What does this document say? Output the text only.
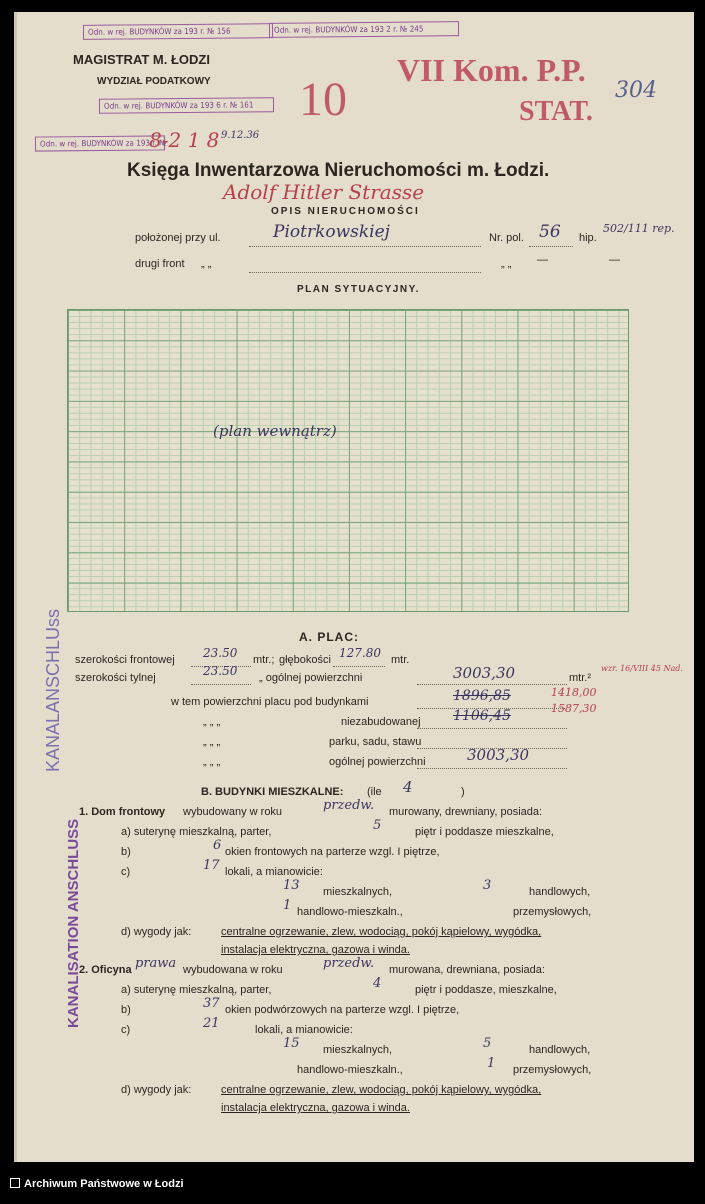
Odn. w rej. BUDYNKÓW za 193 r. № 156	Odn. w rej. BUDYNKÓW za 193 2 r. № 245
MAGISTRAT M. ŁODZI
WYDZIAŁ PODATKOWY
Odn. w rej. BUDYNKÓW za 193 6 r. № 161 10
VII Kom. P.P.
STAT.
304
Odn. w rej. BUDYNKÓW za 193 r. №
8-2 1 8 9.12.36
Księga Inwentarzowa Nieruchomości m. Łodzi.
Adolf Hitler Strasse
OPIS NIERUCHOMOŚCI
położonej przy ul.	Piotrkowskiej	Nr. pol. 56 hip.
502/111 rep.
drugi front „ „	„ „ —	—
PLAN SYTUACYJNY.
(plan wewnątrz)
KANALANSCHLUss
KANALISATION ANSCHLUSS
A. PLAC:
szerokości frontowej 23.50 mtr.; głębokości 127.80 mtr.
szerokości tylnej	23.50 „ ogólnej powierzchni	3003,30	mtr.²
wzr. 16/VIII 45 Nad.
w tem powierzchni placu pod budynkami	1896,85	1418,00
„ „ „	niezabudowanej 1106,45	1587,30
„ „ „	parku, sadu, stawu
„ „ „	ogólnej powierzchni	3003,30
B. BUDYNKI MIESZKALNE: (ile 4	)
1. Dom frontowy wybudowany w roku	przedw. murowany, drewniany, posiada:
a) suterynę mieszkalną, parter,	5	piętr i poddasze mieszkalne,
b)	6 okien frontowych na parterze wzgl. I piętrze,
c)	17 lokali, a mianowicie:
13 mieszkalnych,	3	handlowych,
1 handlowo-mieszkaln.,	przemysłowych,
d) wygody jak:	centralne ogrzewanie, zlew, wodociąg, pokój kąpielowy, wygódka,
instalacja elektryczna, gazowa i winda.
2. Oficyna prawa wybudowana w roku	przedw. murowana, drewniana, posiada:
a) suterynę mieszkalną, parter,	4	piętr i poddasze, mieszkalne,
b)	37 okien podwórzowych na parterze wzgl. I piętrze,
c)	21	lokali, a mianowicie:
15 mieszkalnych,	5	handlowych,
handlowo-mieszkaln.,	1 przemysłowych,
d) wygody jak:	centralne ogrzewanie, zlew, wodociąg, pokój kąpielowy, wygódka,
instalacja elektryczna, gazowa i winda.
Archiwum Państwowe w Łodzi
